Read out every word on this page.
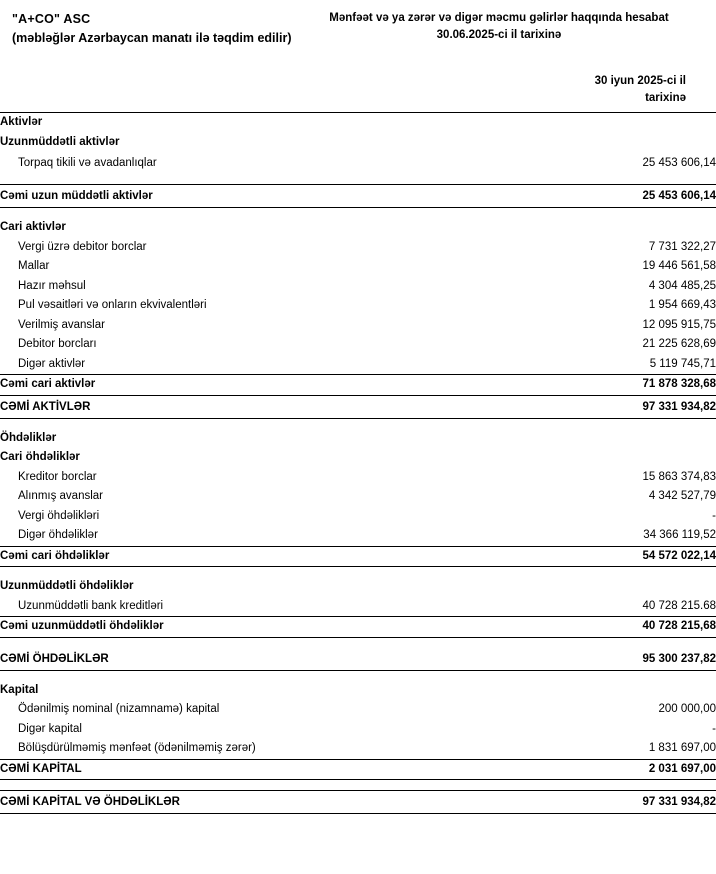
"A+CO" ASC
(məbləğlər Azərbaycan manatı ilə təqdim edilir)
Mənfəət və ya zərər və digər məcmu gəlirlər haqqında hesabat
30.06.2025-ci il tarixinə
30 iyun 2025-ci il
tarixinə
Aktivlər	
Uzunmüddətli aktivlər	
Torpaq tikili və avadanlıqlar	25 453 606,14

Cəmi uzun müddətli aktivlər	25 453 606,14

Cari aktivlər	
Vergi üzrə debitor borclar	7 731 322,27
Mallar	19 446 561,58
Hazır məhsul	4 304 485,25
Pul vəsaitləri və onların ekvivalentləri	1 954 669,43
Verilmiş avanslar	12 095 915,75
Debitor borcları	21 225 628,69
Digər aktivlər	5 119 745,71
Cəmi cari aktivlər	71 878 328,68
CƏMİ AKTİVLƏR	97 331 934,82

Öhdəliklər	
Cari öhdəliklər	
Kreditor borclar	15 863 374,83
Alınmış avanslar	4 342 527,79
Vergi öhdəlikləri	-
Digər öhdəliklər	34 366 119,52
Cəmi cari öhdəliklər	54 572 022,14

Uzunmüddətli öhdəliklər	
Uzunmüddətli bank kreditləri	40 728 215.68
Cəmi uzunmüddətli öhdəliklər	40 728 215,68

CƏMİ ÖHDƏLİKLƏR	95 300 237,82

Kapital	
Ödənilmiş nominal (nizamnamə) kapital	200 000,00
Digər kapital	-
Bölüşdürülməmiş mənfəət (ödənilməmiş zərər)	1 831 697,00
CƏMİ KAPİTAL	2 031 697,00

CƏMİ KAPİTAL VƏ ÖHDƏLİKLƏR	97 331 934,82
